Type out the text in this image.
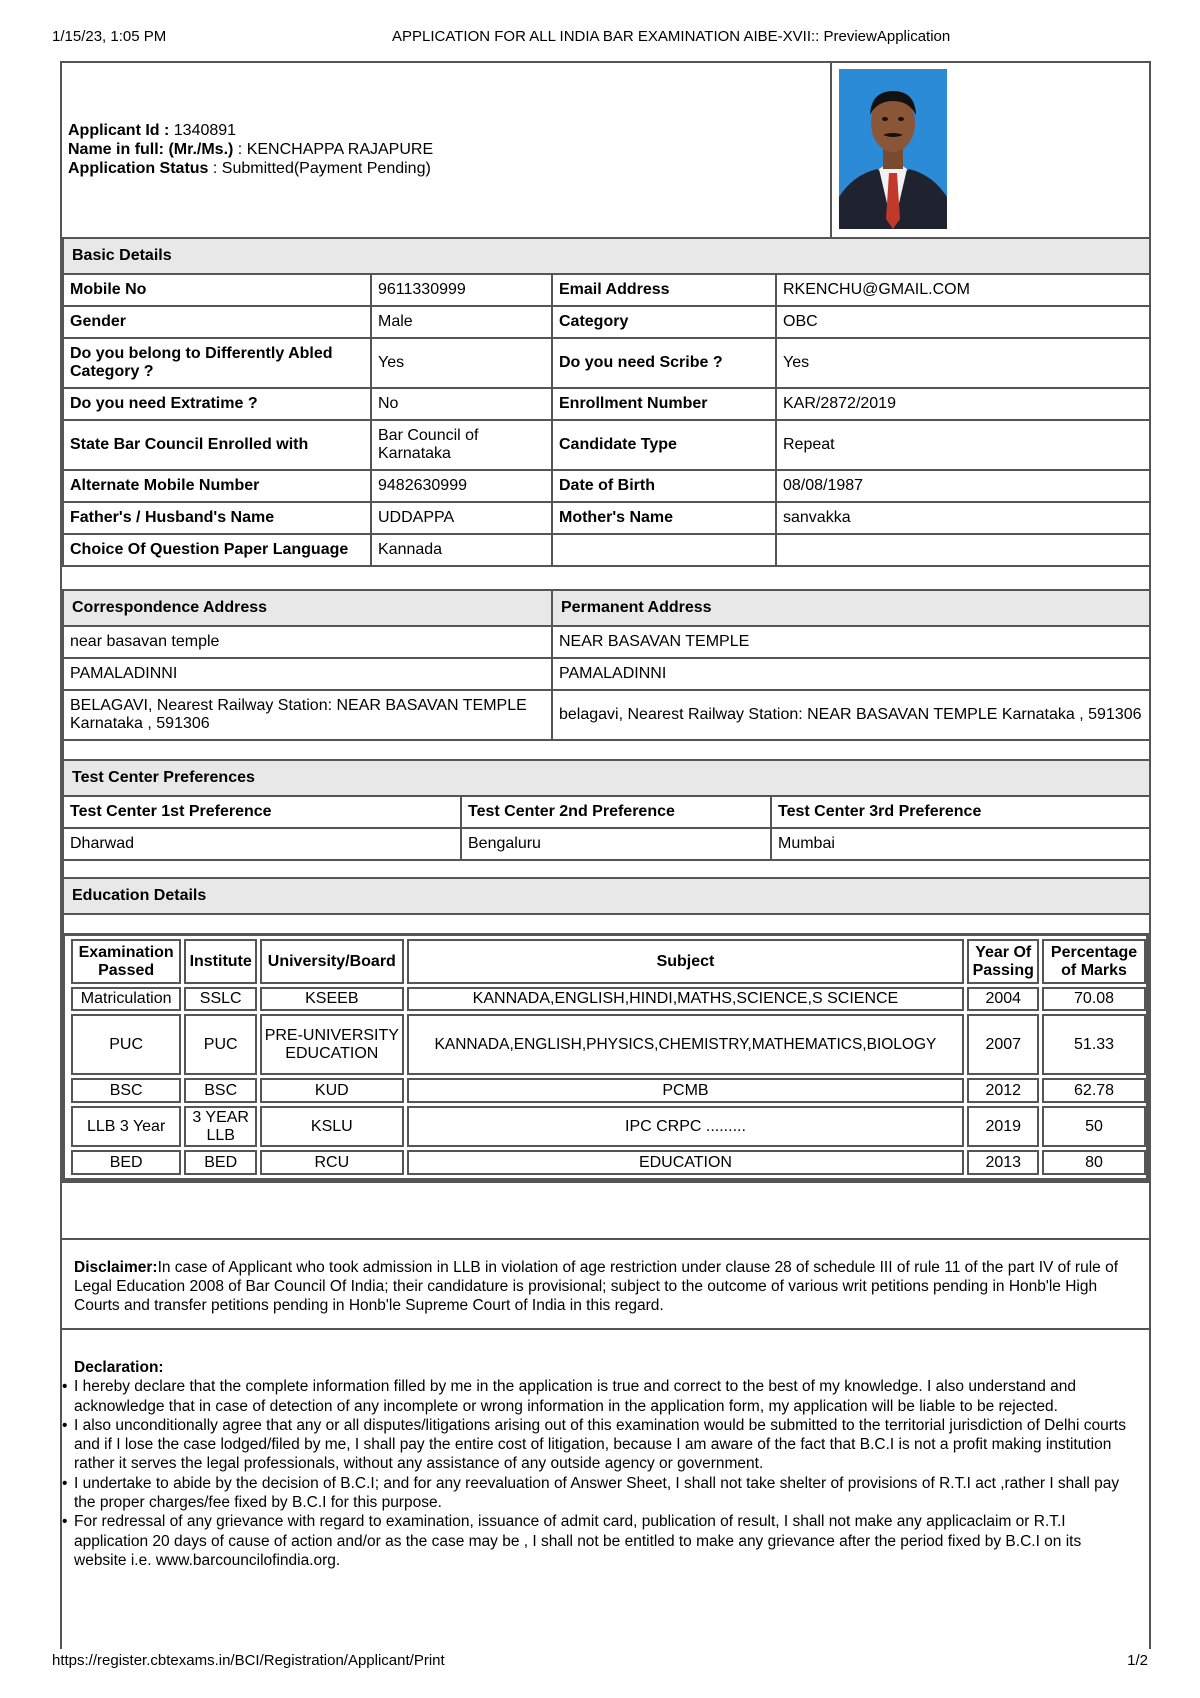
1/15/23, 1:05 PM	APPLICATION FOR ALL INDIA BAR EXAMINATION AIBE-XVII:: PreviewApplication
Applicant Id : 1340891
Name in full: (Mr./Ms.) : KENCHAPPA RAJAPURE
Application Status : Submitted(Payment Pending)
Basic Details			
Mobile No	9611330999	Email Address	RKENCHU@GMAIL.COM
Gender	Male	Category	OBC
Do you belong to Differently Abled Category ?	Yes	Do you need Scribe ?	Yes
Do you need Extratime ?	No	Enrollment Number	KAR/2872/2019
State Bar Council Enrolled with	Bar Council of Karnataka	Candidate Type	Repeat
Alternate Mobile Number	9482630999	Date of Birth	08/08/1987
Father's / Husband's Name	UDDAPPA	Mother's Name	sanvakka
Choice Of Question Paper Language	Kannada		
Correspondence Address	Permanent Address
near basavan temple	NEAR BASAVAN TEMPLE
PAMALADINNI	PAMALADINNI
BELAGAVI, Nearest Railway Station: NEAR BASAVAN TEMPLE Karnataka , 591306	belagavi, Nearest Railway Station: NEAR BASAVAN TEMPLE Karnataka , 591306

Test Center Preferences		
Test Center 1st Preference	Test Center 2nd Preference	Test Center 3rd Preference
Dharwad	Bengaluru	Mumbai

Education Details		

Examination Passed	Institute	University/Board	Subject	Year Of Passing	Percentage of Marks
Matriculation	SSLC	KSEEB	KANNADA,ENGLISH,HINDI,MATHS,SCIENCE,S SCIENCE	2004	70.08
PUC	PUC	PRE-UNIVERSITY EDUCATION	KANNADA,ENGLISH,PHYSICS,CHEMISTRY,MATHEMATICS,BIOLOGY	2007	51.33
BSC	BSC	KUD	PCMB	2012	62.78
LLB 3 Year	3 YEAR LLB	KSLU	IPC CRPC .........	2019	50
BED	BED	RCU	EDUCATION	2013	80
Disclaimer:In case of Applicant who took admission in LLB in violation of age restriction under clause 28 of schedule III of rule 11 of the part IV of rule of Legal Education 2008 of Bar Council Of India; their candidature is provisional; subject to the outcome of various writ petitions pending in Honb'le High Courts and transfer petitions pending in Honb'le Supreme Court of India in this regard.
Declaration:
• I hereby declare that the complete information filled by me in the application is true and correct to the best of my knowledge. I also understand and acknowledge that in case of detection of any incomplete or wrong information in the application form, my application will be liable to be rejected.
• I also unconditionally agree that any or all disputes/litigations arising out of this examination would be submitted to the territorial jurisdiction of Delhi courts and if I lose the case lodged/filed by me, I shall pay the entire cost of litigation, because I am aware of the fact that B.C.I is not a profit making institution rather it serves the legal professionals, without any assistance of any outside agency or government.
• I undertake to abide by the decision of B.C.I; and for any reevaluation of Answer Sheet, I shall not take shelter of provisions of R.T.I act ,rather I shall pay the proper charges/fee fixed by B.C.I for this purpose.
• For redressal of any grievance with regard to examination, issuance of admit card, publication of result, I shall not make any applicaclaim or R.T.I application 20 days of cause of action and/or as the case may be , I shall not be entitled to make any grievance after the period fixed by B.C.I on its website i.e. www.barcouncilofindia.org.
https://register.cbtexams.in/BCI/Registration/Applicant/Print	1/2
